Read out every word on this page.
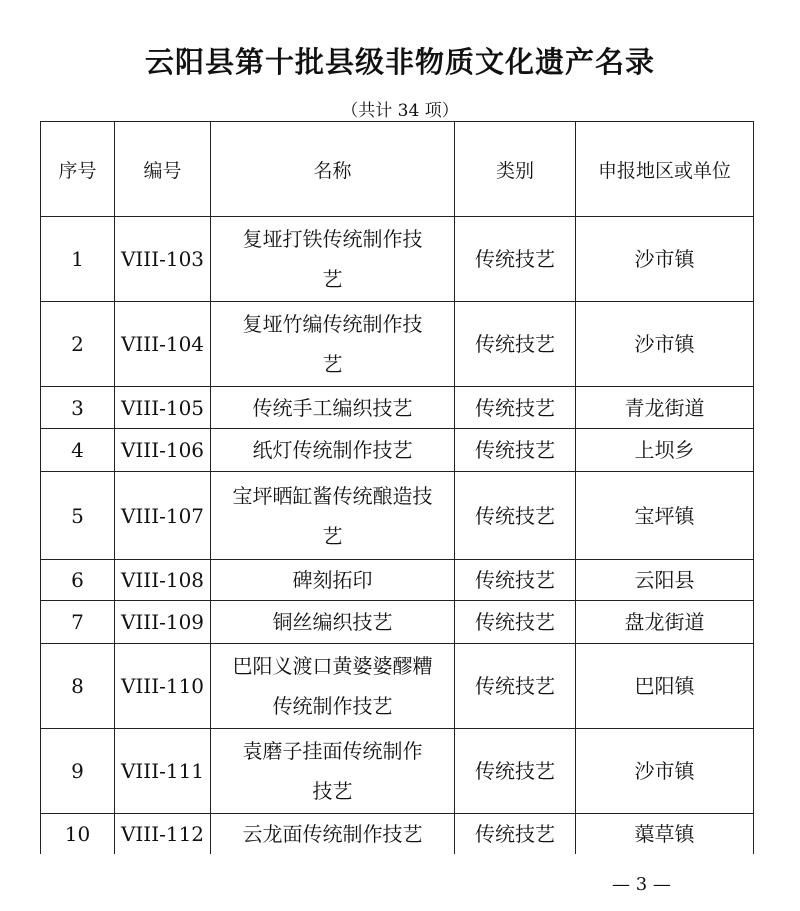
云阳县第十批县级非物质文化遗产名录
（共计 34 项）
序号	编号	名称	类别	申报地区或单位
1	VIII-103	复垭打铁传统制作技艺	传统技艺	沙市镇
2	VIII-104	复垭竹编传统制作技艺	传统技艺	沙市镇
3	VIII-105	传统手工编织技艺	传统技艺	青龙街道
4	VIII-106	纸灯传统制作技艺	传统技艺	上坝乡
5	VIII-107	宝坪晒缸酱传统酿造技艺	传统技艺	宝坪镇
6	VIII-108	碑刻拓印	传统技艺	云阳县
7	VIII-109	铜丝编织技艺	传统技艺	盘龙街道
8	VIII-110	巴阳义渡口黄婆婆醪糟传统制作技艺	传统技艺	巴阳镇
9	VIII-111	袁磨子挂面传统制作技艺	传统技艺	沙市镇
10	VIII-112	云龙面传统制作技艺	传统技艺	蕖草镇
— 3 —
